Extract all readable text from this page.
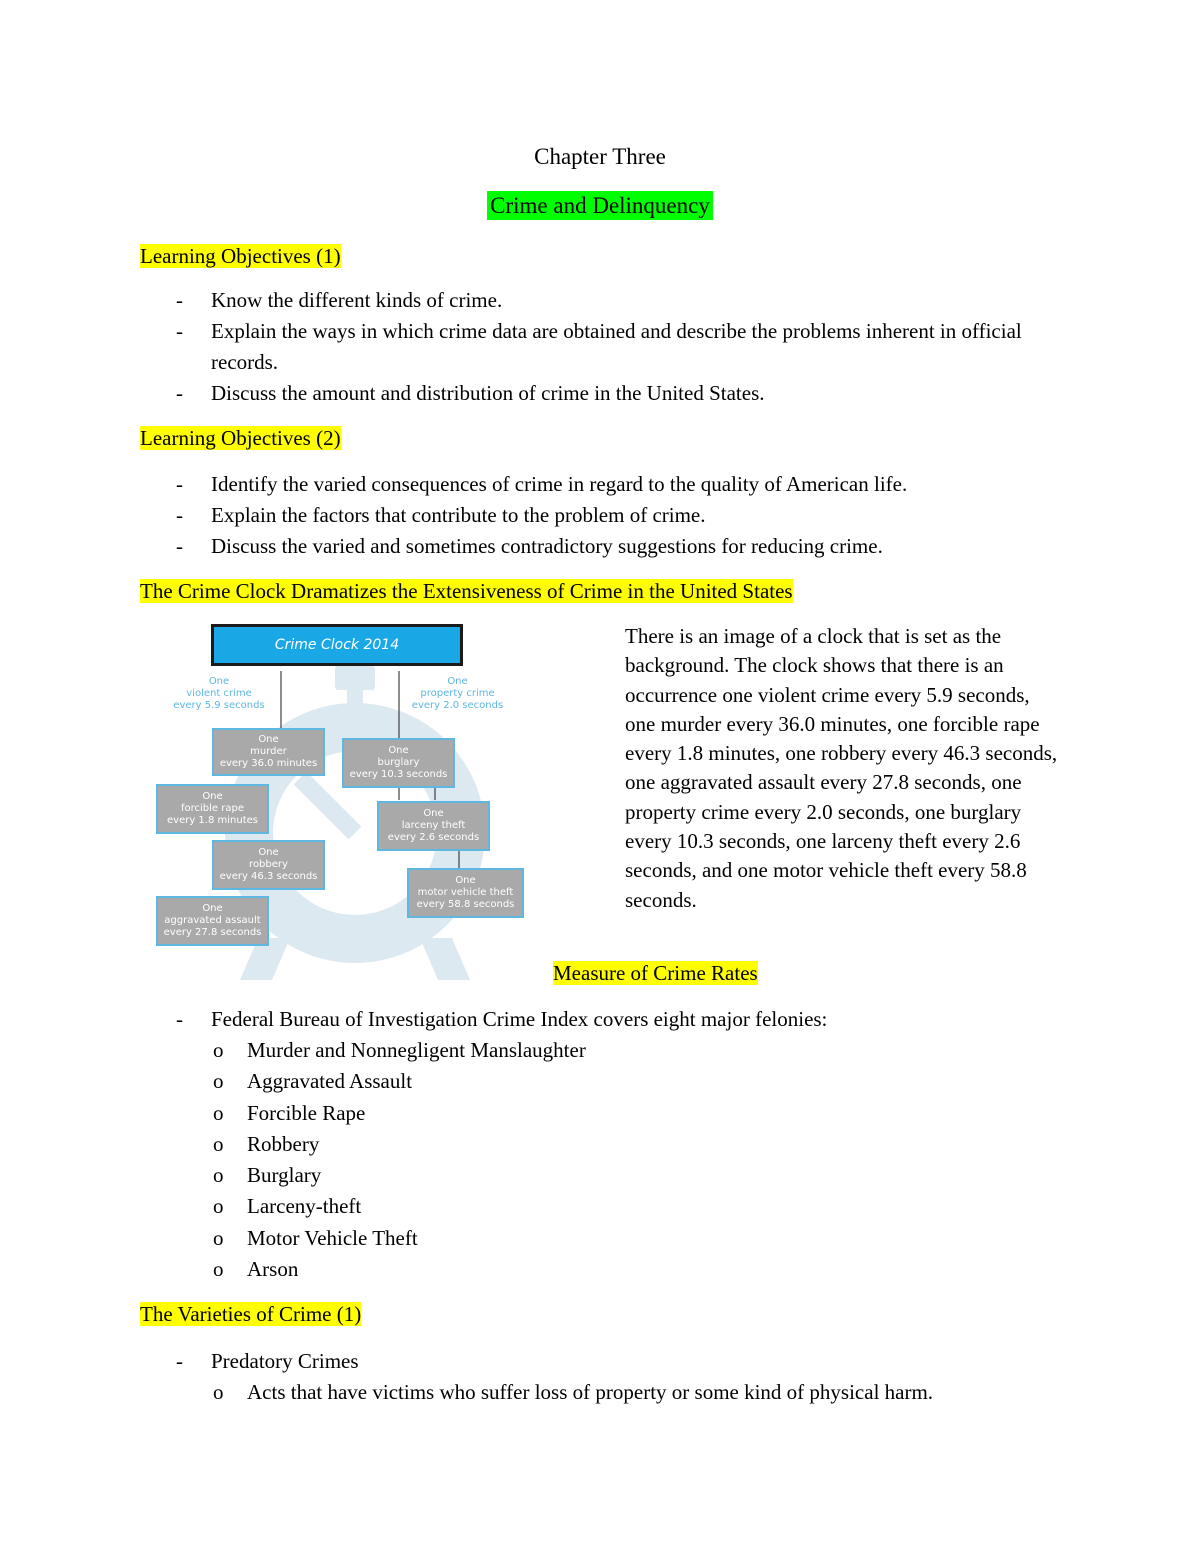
Chapter Three
Crime and Delinquency
Learning Objectives (1)
- Know the different kinds of crime.
- Explain the ways in which crime data are obtained and describe the problems inherent in official records.
- Discuss the amount and distribution of crime in the United States.
Learning Objectives (2)
- Identify the varied consequences of crime in regard to the quality of American life.
- Explain the factors that contribute to the problem of crime.
- Discuss the varied and sometimes contradictory suggestions for reducing crime.
The Crime Clock Dramatizes the Extensiveness of Crime in the United States
Crime Clock 2014
One
violent crime
every 5.9 seconds
One
property crime
every 2.0 seconds
One
murder
every 36.0 minutes
One
forcible rape
every 1.8 minutes
One
robbery
every 46.3 seconds
One
aggravated assault
every 27.8 seconds
One
burglary
every 10.3 seconds
One
larceny theft
every 2.6 seconds
One
motor vehicle theft
every 58.8 seconds
There is an image of a clock that is set as the background. The clock shows that there is an occurrence one violent crime every 5.9 seconds, one murder every 36.0 minutes, one forcible rape every 1.8 minutes, one robbery every 46.3 seconds, one aggravated assault every 27.8 seconds, one property crime every 2.0 seconds, one burglary every 10.3 seconds, one larceny theft every 2.6 seconds, and one motor vehicle theft every 58.8 seconds.
Measure of Crime Rates
- Federal Bureau of Investigation Crime Index covers eight major felonies:
o Murder and Nonnegligent Manslaughter
o Aggravated Assault
o Forcible Rape
o Robbery
o Burglary
o Larceny-theft
o Motor Vehicle Theft
o Arson
The Varieties of Crime (1)
- Predatory Crimes
o Acts that have victims who suffer loss of property or some kind of physical harm.
